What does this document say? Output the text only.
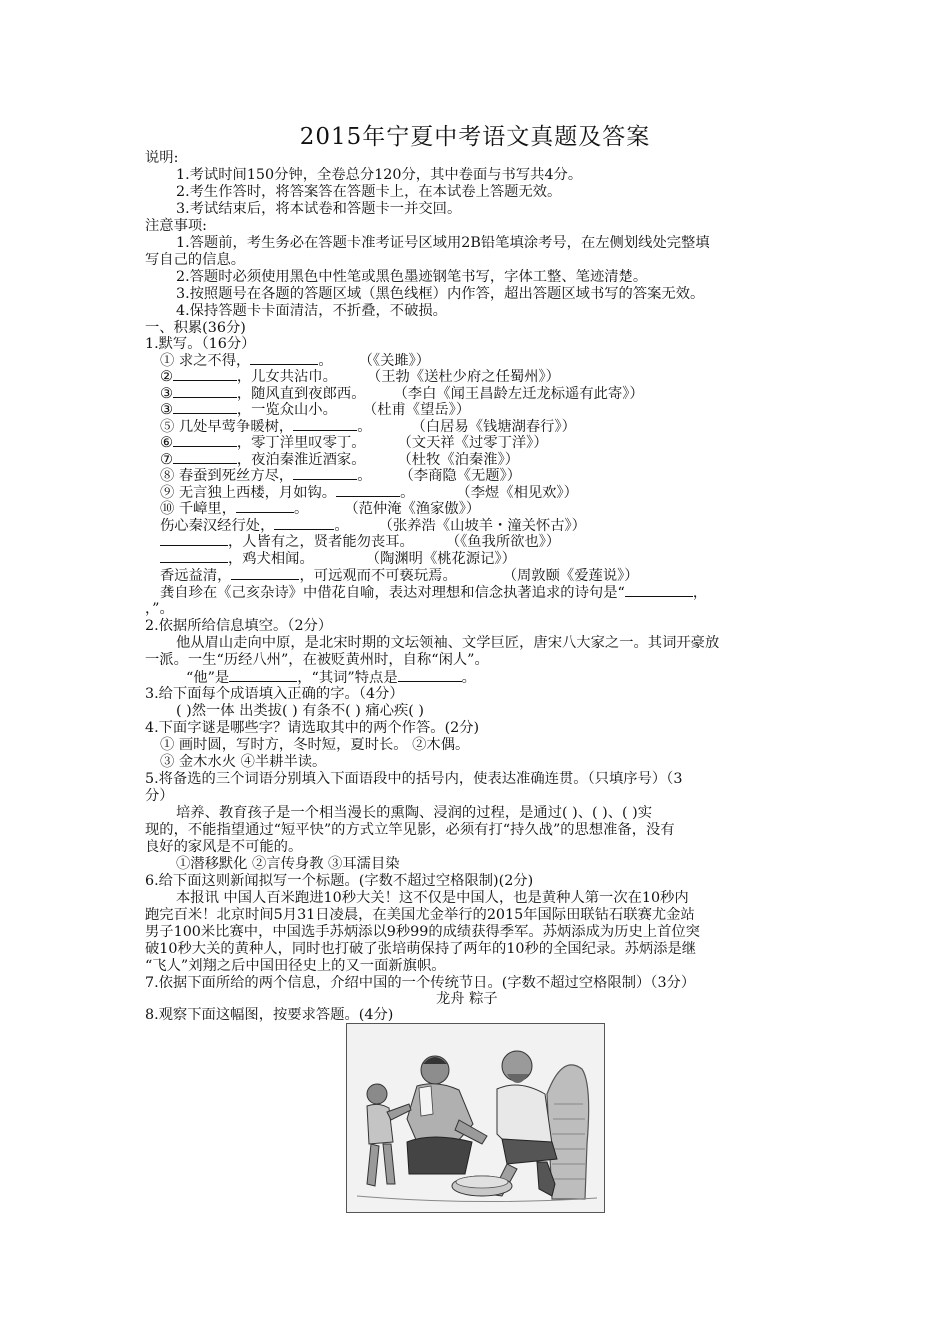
2015年宁夏中考语文真题及答案
说明:
1.考试时间150分钟，全卷总分120分，其中卷面与书写共4分。
2.考生作答时，将答案答在答题卡上，在本试卷上答题无效。
3.考试结束后，将本试卷和答题卡一并交回。
注意事项:
1.答题前，考生务必在答题卡准考证号区域用2B铅笔填涂考号，在左侧划线处完整填
写自己的信息。
2.答题时必须使用黑色中性笔或黑色墨迹钢笔书写，字体工整、笔迹清楚。
3.按照题号在各题的答题区域（黑色线框）内作答，超出答题区域书写的答案无效。
4.保持答题卡卡面清洁，不折叠，不破损。
一、积累(36分)
1.默写。（16分）
① 求之不得，	。 （《关雎》）
②	，儿女共沾巾。 （王勃《送杜少府之任蜀州》）
③	，随风直到夜郎西。 （李白《闻王昌龄左迁龙标遥有此寄》）
③	，一览众山小。 （杜甫《望岳》）
⑤ 几处早莺争暖树，	。	（白居易《钱塘湖春行》）
⑥	，零丁洋里叹零丁。 （文天祥《过零丁洋》）
⑦	，夜泊秦淮近酒家。 （杜牧《泊秦淮》）
⑧ 春蚕到死丝方尽，	。 （李商隐《无题》）
⑨ 无言独上西楼，月如钩。	。	（李煜《相见欢》）
⑩ 千嶂里，	。	（范仲淹《渔家傲》）
伤心秦汉经行处，	。 （张养浩《山坡羊・潼关怀古》）
，人皆有之，贤者能勿丧耳。 （《鱼我所欲也》）
，鸡犬相闻。	（陶渊明《桃花源记》）
香远益清，	，可远观而不可亵玩焉。	（周敦颐《爱莲说》）
龚自珍在《己亥杂诗》中借花自喻，表达对理想和信念执著追求的诗句是“	，
，”。
2.依据所给信息填空。（2分）
他从眉山走向中原，是北宋时期的文坛领袖、文学巨匠，唐宋八大家之一。其词开豪放
一派。一生“历经八州”，在被贬黄州时，自称“闲人”。
“他”是	，“其词”特点是	。
3.给下面每个成语填入正确的字。（4分）
( )然一体 出类拔( ) 有条不( ) 痛心疾( )
4.下面字谜是哪些字？请选取其中的两个作答。(2分)
① 画时圆，写时方，冬时短，夏时长。 ②木偶。
③ 金木水火 ④半耕半读。
5.将备选的三个词语分别填入下面语段中的括号内，使表达准确连贯。（只填序号）（3
分）
培养、教育孩子是一个相当漫长的熏陶、浸润的过程，是通过( )、( )、( )实
现的，不能指望通过“短平快”的方式立竿见影，必须有打“持久战”的思想准备，没有
良好的家风是不可能的。
①潜移默化 ②言传身教 ③耳濡目染
6.给下面这则新闻拟写一个标题。(字数不超过空格限制)(2分)
本报讯 中国人百米跑进10秒大关！这不仅是中国人，也是黄种人第一次在10秒内
跑完百米！北京时间5月31日凌晨，在美国尤金举行的2015年国际田联钻石联赛尤金站
男子100米比赛中，中国选手苏炳添以9秒99的成绩获得季军。苏炳添成为历史上首位突
破10秒大关的黄种人，同时也打破了张培萌保持了两年的10秒的全国纪录。苏炳添是继
“飞人”刘翔之后中国田径史上的又一面新旗帜。
7.依据下面所给的两个信息，介绍中国的一个传统节日。(字数不超过空格限制）（3分）
龙舟 粽子
8.观察下面这幅图，按要求答题。(4分)
